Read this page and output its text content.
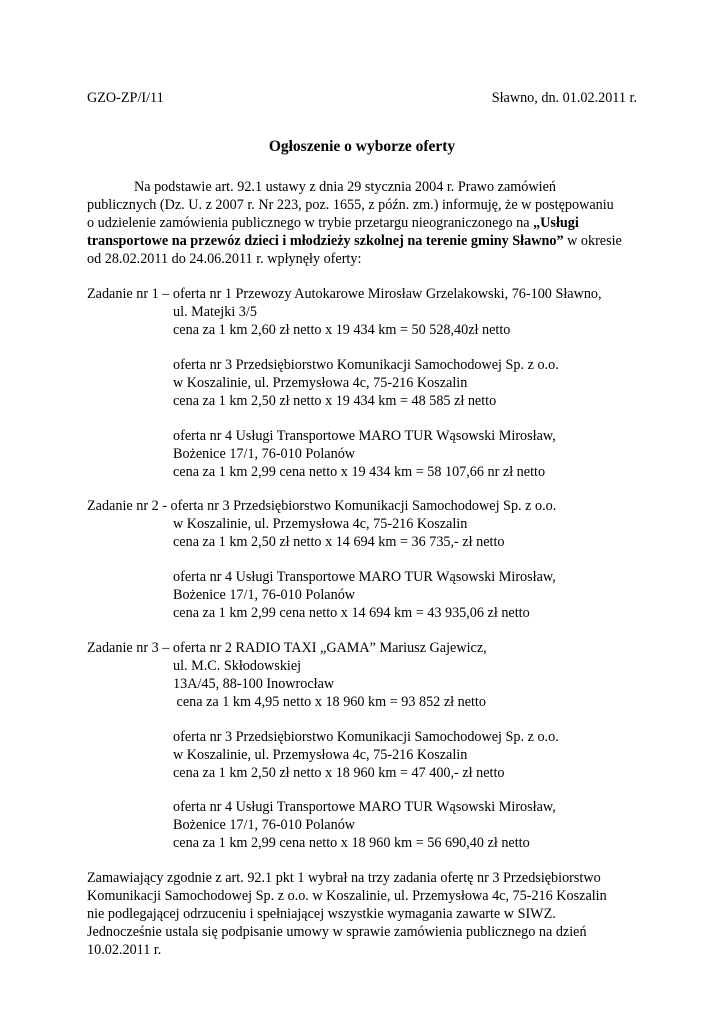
GZO-ZP/I/11	Sławno, dn. 01.02.2011 r.
Ogłoszenie o wyborze oferty
Na podstawie art. 92.1 ustawy z dnia 29 stycznia 2004 r. Prawo zamówień
publicznych (Dz. U. z 2007 r. Nr 223, poz. 1655, z późn. zm.) informuję, że w postępowaniu
o udzielenie zamówienia publicznego w trybie przetargu nieograniczonego na „Usługi
transportowe na przewóz dzieci i młodzieży szkolnej na terenie gminy Sławno” w okresie
od 28.02.2011 do 24.06.2011 r. wpłynęły oferty:
Zadanie nr 1 – oferta nr 1 Przewozy Autokarowe Mirosław Grzelakowski, 76-100 Sławno,
ul. Matejki 3/5
cena za 1 km 2,60 zł netto x 19 434 km = 50 528,40zł netto
oferta nr 3 Przedsiębiorstwo Komunikacji Samochodowej Sp. z o.o.
w Koszalinie, ul. Przemysłowa 4c, 75-216 Koszalin
cena za 1 km 2,50 zł netto x 19 434 km = 48 585 zł netto
oferta nr 4 Usługi Transportowe MARO TUR Wąsowski Mirosław,
Bożenice 17/1, 76-010 Polanów
cena za 1 km 2,99 cena netto x 19 434 km = 58 107,66 nr zł netto
Zadanie nr 2 - oferta nr 3 Przedsiębiorstwo Komunikacji Samochodowej Sp. z o.o.
w Koszalinie, ul. Przemysłowa 4c, 75-216 Koszalin
cena za 1 km 2,50 zł netto x 14 694 km = 36 735,- zł netto
oferta nr 4 Usługi Transportowe MARO TUR Wąsowski Mirosław,
Bożenice 17/1, 76-010 Polanów
cena za 1 km 2,99 cena netto x 14 694 km = 43 935,06 zł netto
Zadanie nr 3 – oferta nr 2 RADIO TAXI „GAMA” Mariusz Gajewicz,
ul. M.C. Skłodowskiej
13A/45, 88-100 Inowrocław
cena za 1 km 4,95 netto x 18 960 km = 93 852 zł netto
oferta nr 3 Przedsiębiorstwo Komunikacji Samochodowej Sp. z o.o.
w Koszalinie, ul. Przemysłowa 4c, 75-216 Koszalin
cena za 1 km 2,50 zł netto x 18 960 km = 47 400,- zł netto
oferta nr 4 Usługi Transportowe MARO TUR Wąsowski Mirosław,
Bożenice 17/1, 76-010 Polanów
cena za 1 km 2,99 cena netto x 18 960 km = 56 690,40 zł netto
Zamawiający zgodnie z art. 92.1 pkt 1 wybrał na trzy zadania ofertę nr 3 Przedsiębiorstwo
Komunikacji Samochodowej Sp. z o.o. w Koszalinie, ul. Przemysłowa 4c, 75-216 Koszalin
nie podlegającej odrzuceniu i spełniającej wszystkie wymagania zawarte w SIWZ.
Jednocześnie ustala się podpisanie umowy w sprawie zamówienia publicznego na dzień
10.02.2011 r.
